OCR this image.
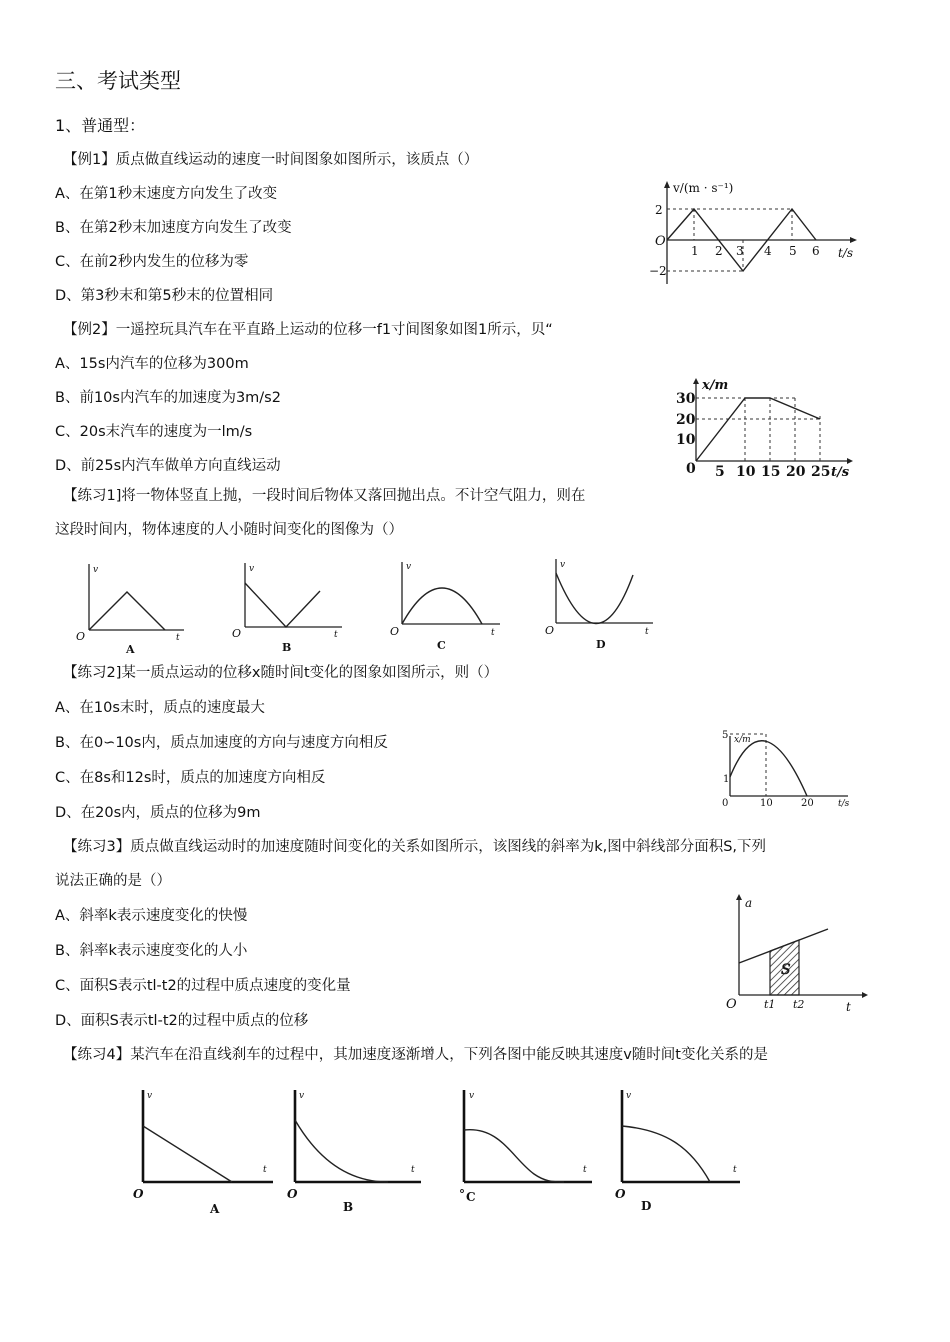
三、考试类型
1、普通型：
【例1】质点做直线运动的速度一时间图象如图所示，该质点（）
A、在第1秒末速度方向发生了改变
B、在第2秒末加速度方向发生了改变
C、在前2秒内发生的位移为零
D、第3秒末和第5秒末的位置相同
v/(m · s⁻¹)
t/s
O
2
−2
1 2 3 4 5 6
【例2】一遥控玩具汽车在平直路上运动的位移一f1寸间图象如图1所示，贝“
A、15s内汽车的位移为300m
B、前10s内汽车的加速度为3m/s2
C、20s末汽车的速度为一lm/s
D、前25s内汽车做单方向直线运动
x/m
t/s
0
30
20
10
5 10 15 20 25
【练习1]将一物体竖直上抛，一段时间后物体又落回抛出点。不计空气阻力，则在
这段时间内，物体速度的人小随时间变化的图像为（）
v
O	t
A
v
O	t
B
v
O	t
C
v
O	t
D
【练习2]某一质点运动的位移x随时间t变化的图象如图所示，则（）
A、在10s末时，质点的速度最大
B、在0∽10s内，质点加速度的方向与速度方向相反
C、在8s和12s时，质点的加速度方向相反
D、在20s内，质点的位移为9m
x/m
t/s
0
5
1
10	20
【练习3】质点做直线运动时的加速度随时间变化的关系如图所示，该图线的斜率为k,图中斜线部分面积S,下列
说法正确的是（）
A、斜率k表示速度变化的快慢
B、斜率k表示速度变化的人小
C、面积S表示tl-t2的过程中质点速度的变化量
D、面积S表示tl-t2的过程中质点的位移
a
t
O
S
t1 t2
【练习4】某汽车在沿直线刹车的过程中，其加速度逐渐增人，下列各图中能反映其速度v随时间t变化关系的是
v
O
t
A
v
O
t
B
v
° C
t
v
O
t
D
